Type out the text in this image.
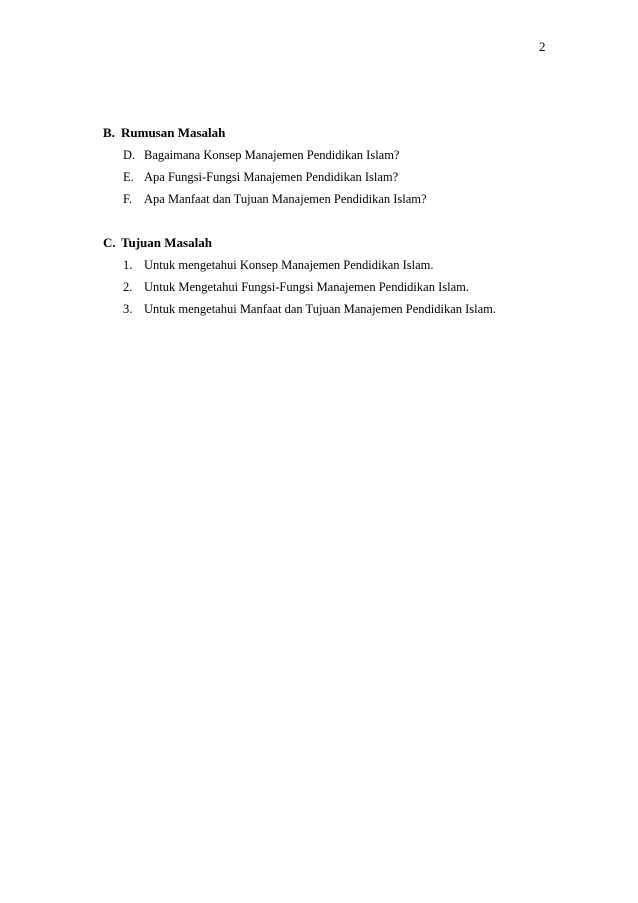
2
B. Rumusan Masalah
D. Bagaimana Konsep Manajemen Pendidikan Islam?
E. Apa Fungsi-Fungsi Manajemen Pendidikan Islam?
F. Apa Manfaat dan Tujuan Manajemen Pendidikan Islam?
C. Tujuan Masalah
1. Untuk mengetahui Konsep Manajemen Pendidikan Islam.
2. Untuk Mengetahui Fungsi-Fungsi Manajemen Pendidikan Islam.
3. Untuk mengetahui Manfaat dan Tujuan Manajemen Pendidikan Islam.
